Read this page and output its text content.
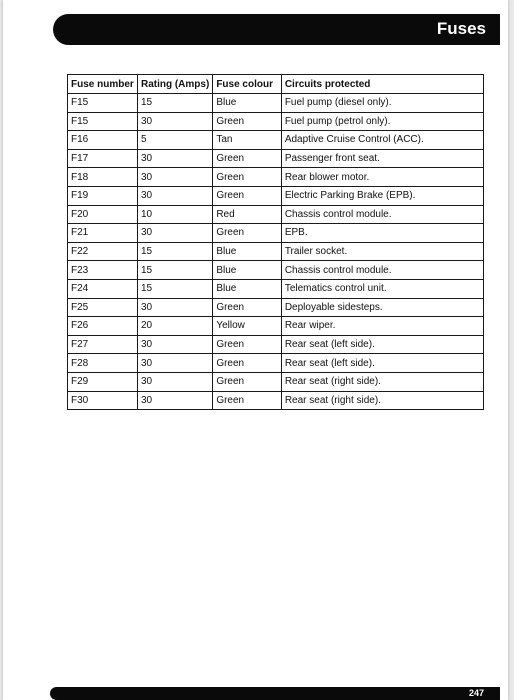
Fuses
Fuse number	Rating (Amps)	Fuse colour	Circuits protected
F15	15	Blue	Fuel pump (diesel only).
F15	30	Green	Fuel pump (petrol only).
F16	5	Tan	Adaptive Cruise Control (ACC).
F17	30	Green	Passenger front seat.
F18	30	Green	Rear blower motor.
F19	30	Green	Electric Parking Brake (EPB).
F20	10	Red	Chassis control module.
F21	30	Green	EPB.
F22	15	Blue	Trailer socket.
F23	15	Blue	Chassis control module.
F24	15	Blue	Telematics control unit.
F25	30	Green	Deployable sidesteps.
F26	20	Yellow	Rear wiper.
F27	30	Green	Rear seat (left side).
F28	30	Green	Rear seat (left side).
F29	30	Green	Rear seat (right side).
F30	30	Green	Rear seat (right side).
247
